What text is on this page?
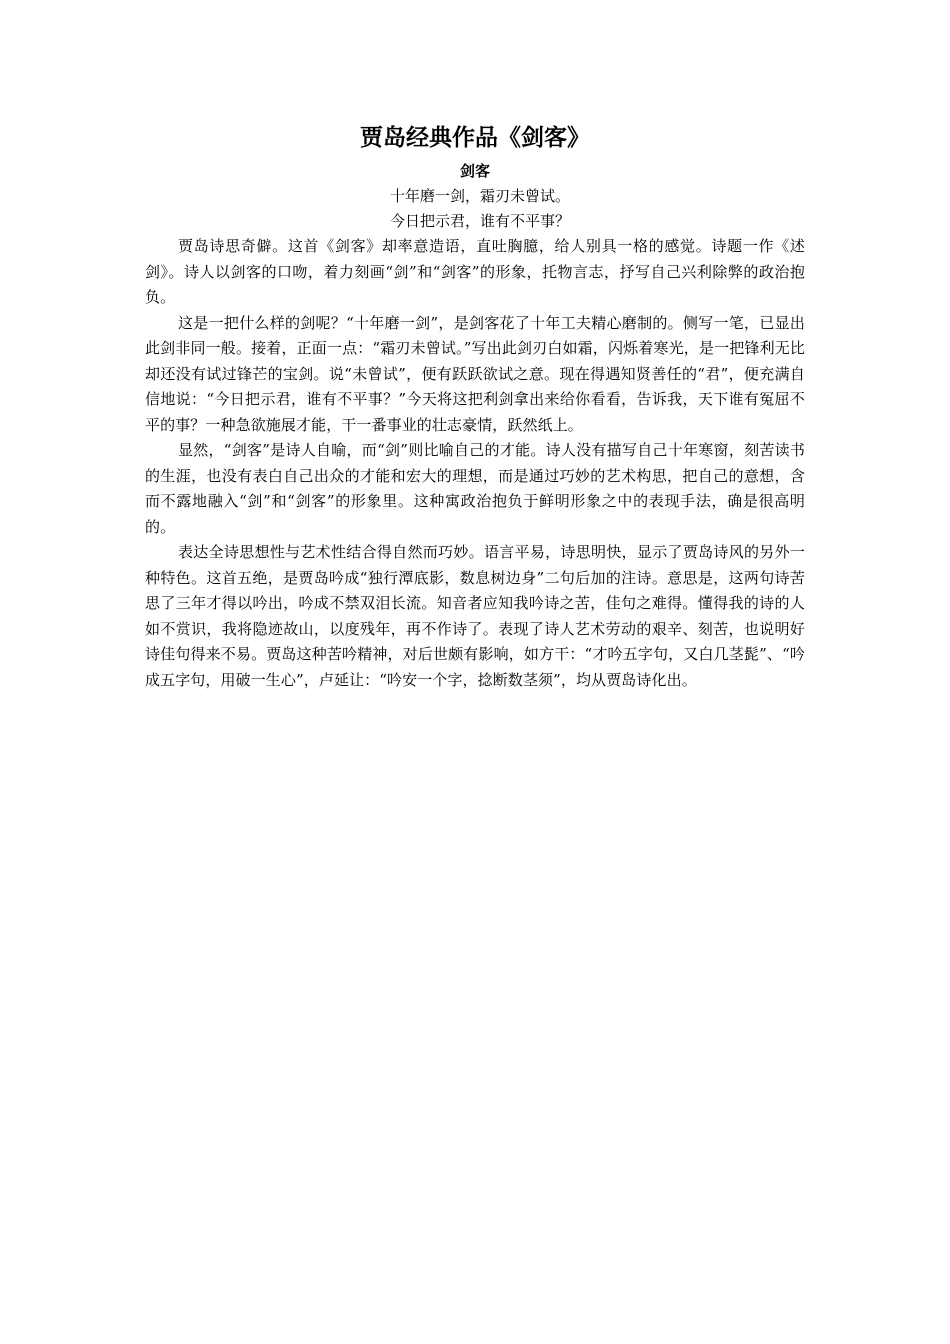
贾岛经典作品《剑客》
剑客
十年磨一剑，霜刃未曾试。
今日把示君，谁有不平事？

贾岛诗思奇僻。这首《剑客》却率意造语，直吐胸臆，给人别具一格的感觉。诗题一作《述剑》。诗人以剑客的口吻，着力刻画“剑”和“剑客”的形象，托物言志，抒写自己兴利除弊的政治抱负。

这是一把什么样的剑呢？“十年磨一剑”，是剑客花了十年工夫精心磨制的。侧写一笔，已显出此剑非同一般。接着，正面一点：“霜刃未曾试。”写出此剑刃白如霜，闪烁着寒光，是一把锋利无比却还没有试过锋芒的宝剑。说“未曾试”，便有跃跃欲试之意。现在得遇知贤善任的“君”，便充满自信地说：“今日把示君，谁有不平事？”今天将这把利剑拿出来给你看看，告诉我，天下谁有冤屈不平的事？一种急欲施展才能，干一番事业的壮志豪情，跃然纸上。

显然，“剑客”是诗人自喻，而“剑”则比喻自己的才能。诗人没有描写自己十年寒窗，刻苦读书的生涯，也没有表白自己出众的才能和宏大的理想，而是通过巧妙的艺术构思，把自己的意想，含而不露地融入“剑”和“剑客”的形象里。这种寓政治抱负于鲜明形象之中的表现手法，确是很高明的。

表达全诗思想性与艺术性结合得自然而巧妙。语言平易，诗思明快，显示了贾岛诗风的另外一种特色。这首五绝，是贾岛吟成“独行潭底影，数息树边身”二句后加的注诗。意思是，这两句诗苦思了三年才得以吟出，吟成不禁双泪长流。知音者应知我吟诗之苦，佳句之难得。懂得我的诗的人如不赏识，我将隐迹故山，以度残年，再不作诗了。表现了诗人艺术劳动的艰辛、刻苦，也说明好诗佳句得来不易。贾岛这种苦吟精神，对后世颇有影响，如方干：“才吟五字句，又白几茎髭”、“吟成五字句，用破一生心”，卢延让：“吟安一个字，捻断数茎须”，均从贾岛诗化出。
